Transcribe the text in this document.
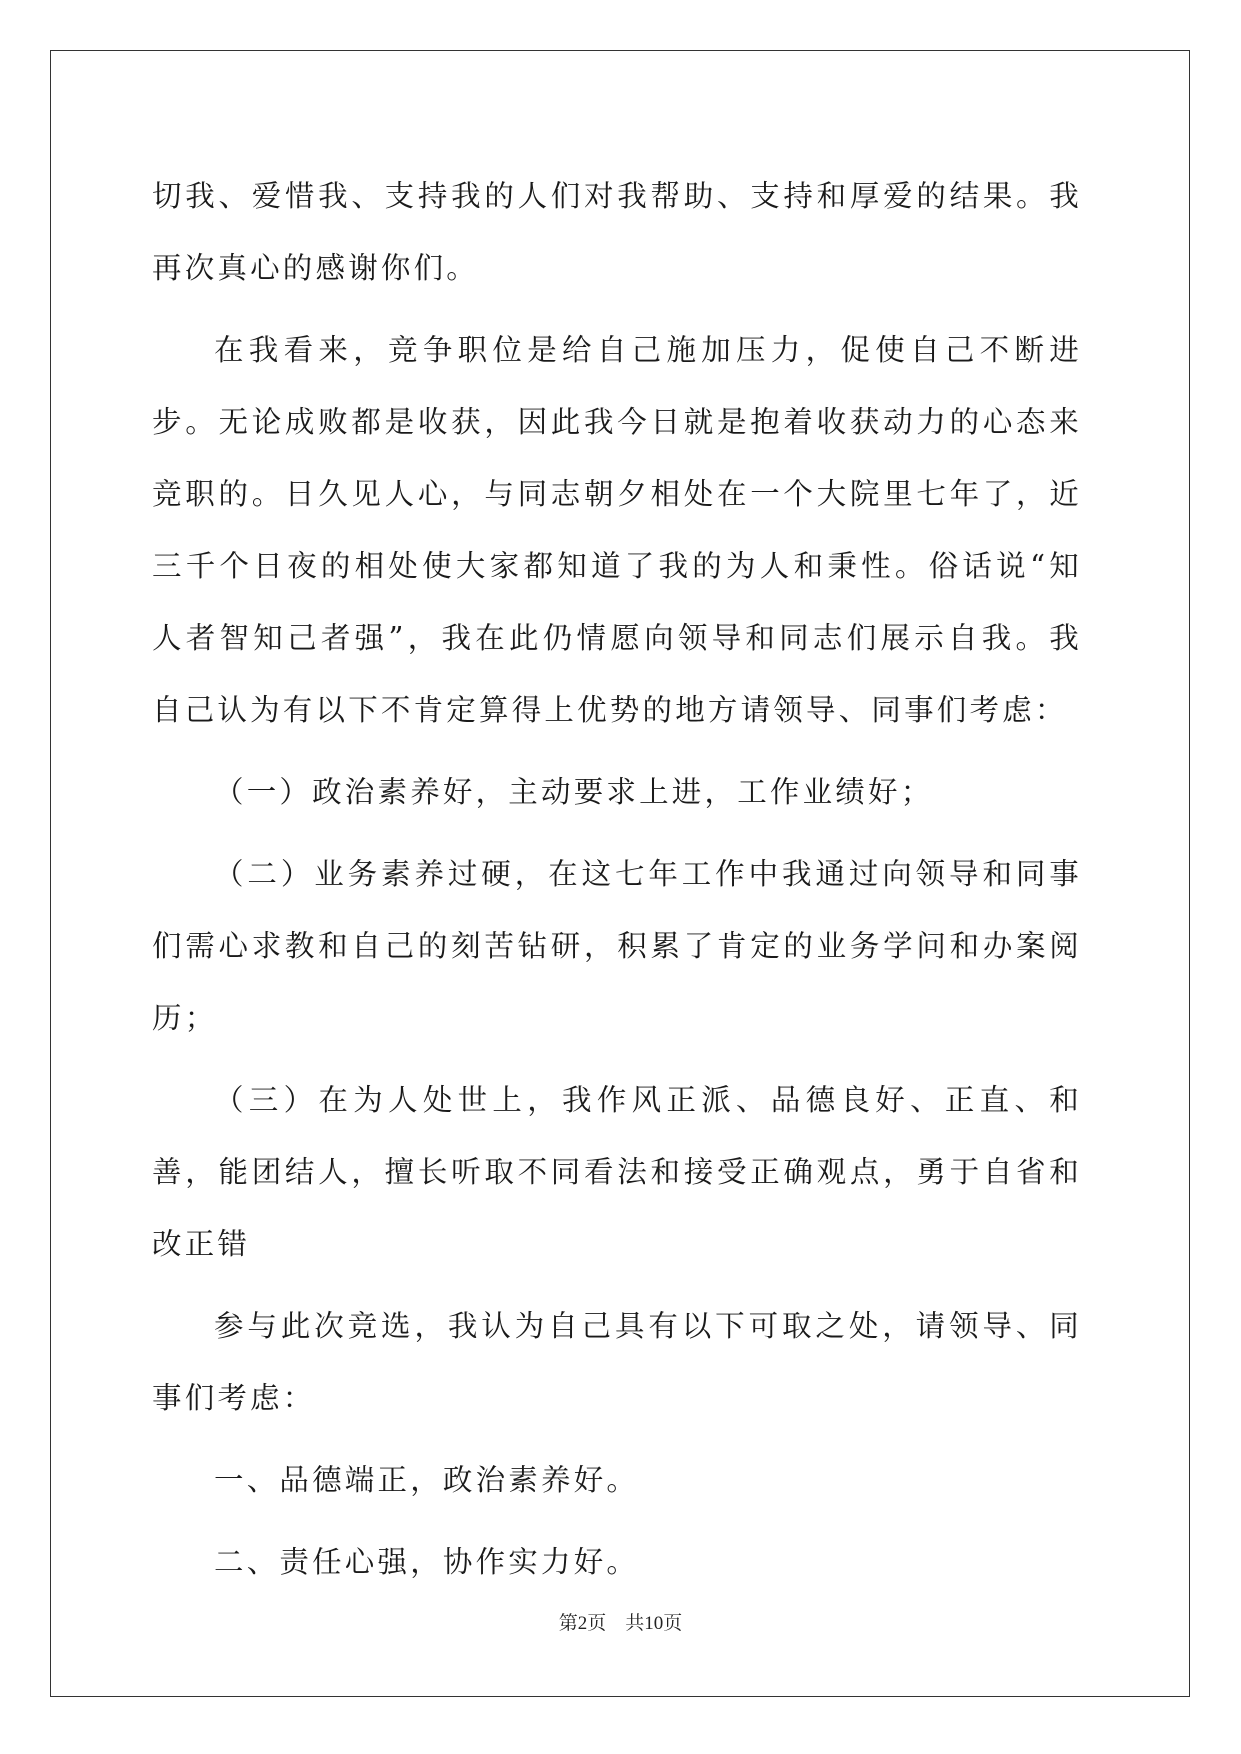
切我、爱惜我、支持我的人们对我帮助、支持和厚爱的结果。我再次真心的感谢你们。

在我看来，竞争职位是给自己施加压力，促使自己不断进步。无论成败都是收获，因此我今日就是抱着收获动力的心态来竞职的。日久见人心，与同志朝夕相处在一个大院里七年了，近三千个日夜的相处使大家都知道了我的为人和秉性。俗话说“知人者智知己者强”，我在此仍情愿向领导和同志们展示自我。我自己认为有以下不肯定算得上优势的地方请领导、同事们考虑：

（一）政治素养好，主动要求上进，工作业绩好；

（二）业务素养过硬，在这七年工作中我通过向领导和同事们需心求教和自己的刻苦钻研，积累了肯定的业务学问和办案阅历；

（三）在为人处世上，我作风正派、品德良好、正直、和善，能团结人，擅长听取不同看法和接受正确观点，勇于自省和改正错

参与此次竞选，我认为自己具有以下可取之处，请领导、同事们考虑：

一、品德端正，政治素养好。

二、责任心强，协作实力好。

第2页    共10页
